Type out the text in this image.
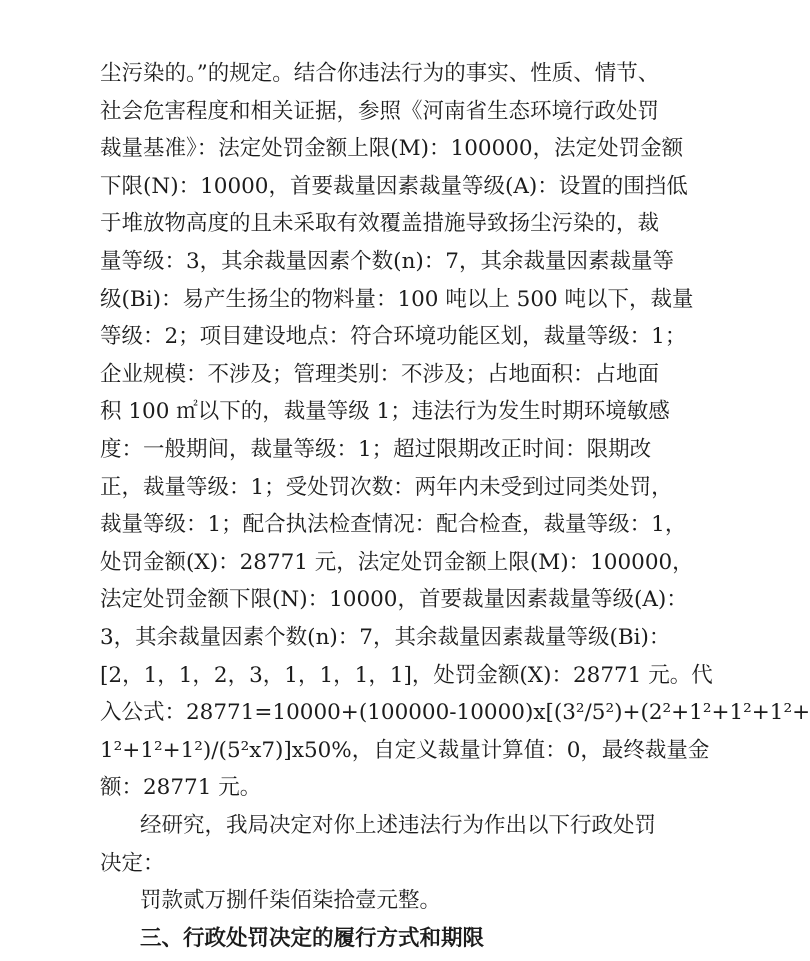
尘污染的。”的规定。结合你违法行为的事实、性质、情节、
社会危害程度和相关证据，参照《河南省生态环境行政处罚
裁量基准》：法定处罚金额上限(M)：100000，法定处罚金额
下限(N)：10000，首要裁量因素裁量等级(A)：设置的围挡低
于堆放物高度的且未采取有效覆盖措施导致扬尘污染的，裁
量等级：3，其余裁量因素个数(n)：7，其余裁量因素裁量等
级(Bi)：易产生扬尘的物料量：100 吨以上 500 吨以下，裁量
等级：2；项目建设地点：符合环境功能区划，裁量等级：1；
企业规模：不涉及；管理类别：不涉及；占地面积：占地面
积 100 ㎡以下的，裁量等级 1；违法行为发生时期环境敏感
度：一般期间，裁量等级：1；超过限期改正时间：限期改
正，裁量等级：1；受处罚次数：两年内未受到过同类处罚，
裁量等级：1；配合执法检查情况：配合检查，裁量等级：1，
处罚金额(X)：28771 元，法定处罚金额上限(M)：100000，
法定处罚金额下限(N)：10000，首要裁量因素裁量等级(A)：
3，其余裁量因素个数(n)：7，其余裁量因素裁量等级(Bi)：
[2，1，1，2，3，1，1，1，1]，处罚金额(X)：28771 元。代
入公式：28771=10000+(100000-10000)x[(3²/5²)+(2²+1²+1²+1²+
1²+1²+1²)/(5²x7)]x50%，自定义裁量计算值：0，最终裁量金
额：28771 元。
经研究，我局决定对你上述违法行为作出以下行政处罚
决定：
罚款贰万捌仟柒佰柒拾壹元整。
三、行政处罚决定的履行方式和期限
